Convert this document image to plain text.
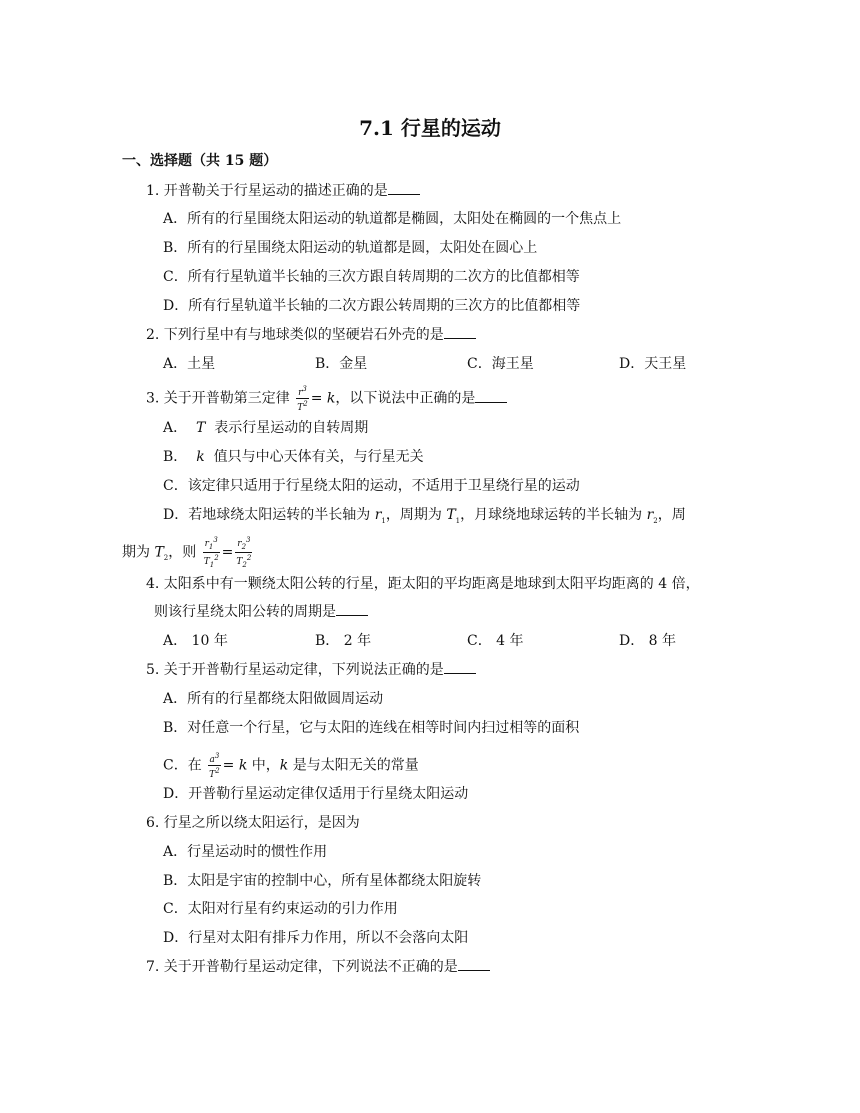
7.1 行星的运动
一、选择题（共 15 题）
1. 开普勒关于行星运动的描述正确的是
A．所有的行星围绕太阳运动的轨道都是椭圆，太阳处在椭圆的一个焦点上
B．所有的行星围绕太阳运动的轨道都是圆，太阳处在圆心上
C．所有行星轨道半长轴的三次方跟自转周期的二次方的比值都相等
D．所有行星轨道半长轴的二次方跟公转周期的三次方的比值都相等
2. 下列行星中有与地球类似的坚硬岩石外壳的是
A．土星	B．金星	C．海王星	D．天王星
3. 关于开普勒第三定律 $\frac{r^3}{T^2} = k$，以下说法中正确的是
A． T 表示行星运动的自转周期
B． k 值只与中心天体有关，与行星无关
C．该定律只适用于行星绕太阳的运动，不适用于卫星绕行星的运动
D．若地球绕太阳运转的半长轴为 $r_1$，周期为 $T_1$，月球绕地球运转的半长轴为 $r_2$，周
期为 $T_2$，则 $\frac{r_1^3}{T_1^2} = \frac{r_2^3}{T_2^2}$
4. 太阳系中有一颗绕太阳公转的行星，距太阳的平均距离是地球到太阳平均距离的 4 倍，
则该行星绕太阳公转的周期是
A． 10 年	B． 2 年	C． 4 年	D． 8 年
5. 关于开普勒行星运动定律，下列说法正确的是
A．所有的行星都绕太阳做圆周运动
B．对任意一个行星，它与太阳的连线在相等时间内扫过相等的面积
C．在 $\frac{a^3}{T^2} = k$ 中，k 是与太阳无关的常量
D．开普勒行星运动定律仅适用于行星绕太阳运动
6. 行星之所以绕太阳运行，是因为
A．行星运动时的惯性作用
B．太阳是宇宙的控制中心，所有星体都绕太阳旋转
C．太阳对行星有约束运动的引力作用
D．行星对太阳有排斥力作用，所以不会落向太阳
7. 关于开普勒行星运动定律，下列说法不正确的是
